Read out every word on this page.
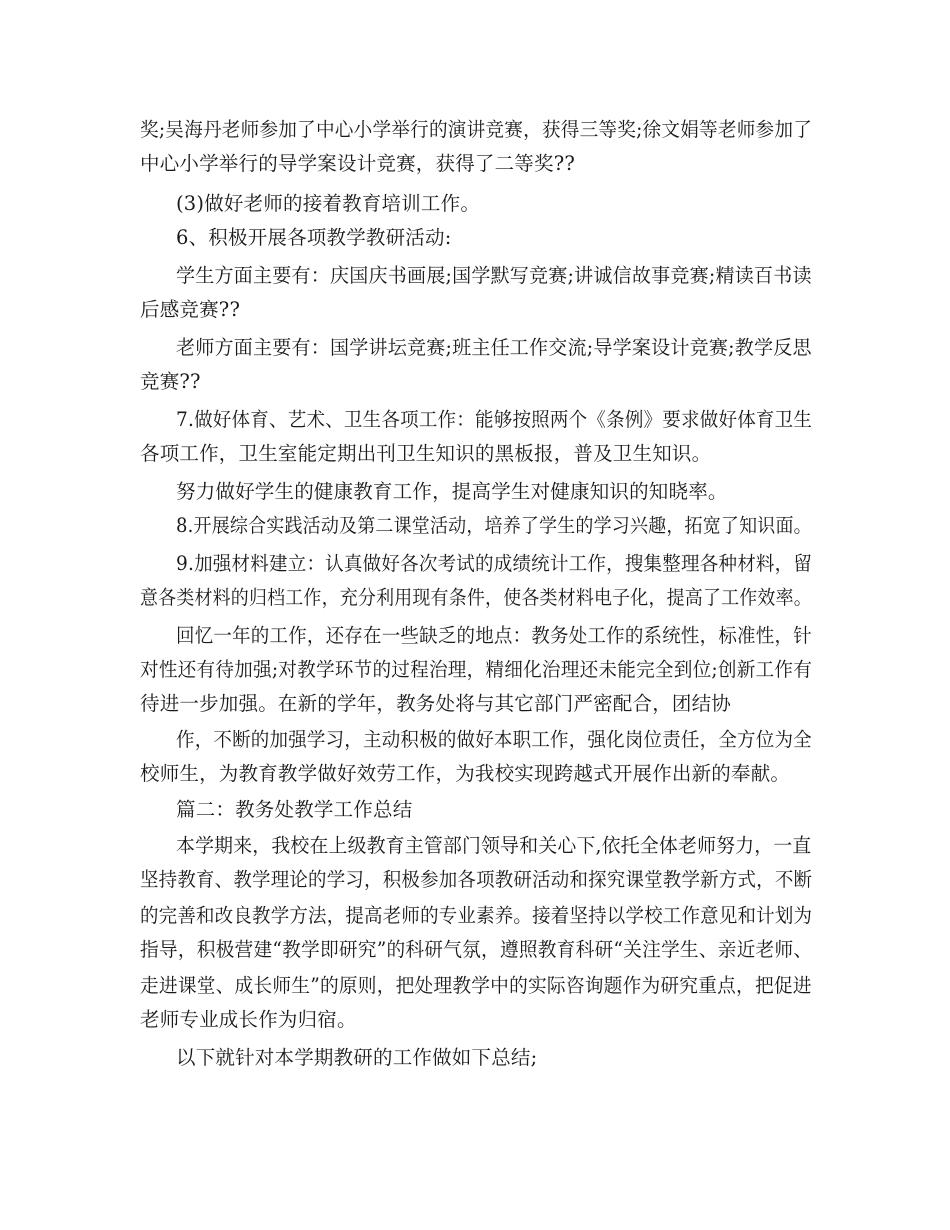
奖;吴海丹老师参加了中心小学举行的演讲竞赛，获得三等奖;徐文娟等老师参加了
中心小学举行的导学案设计竞赛，获得了二等奖??
(3)做好老师的接着教育培训工作。
6、积极开展各项教学教研活动:
学生方面主要有：庆国庆书画展;国学默写竞赛;讲诚信故事竞赛;精读百书读
后感竞赛??
老师方面主要有：国学讲坛竞赛;班主任工作交流;导学案设计竞赛;教学反思
竞赛??
7.做好体育、艺术、卫生各项工作：能够按照两个《条例》要求做好体育卫生
各项工作，卫生室能定期出刊卫生知识的黑板报，普及卫生知识。
努力做好学生的健康教育工作，提高学生对健康知识的知晓率。
8.开展综合实践活动及第二课堂活动，培养了学生的学习兴趣，拓宽了知识面。
9.加强材料建立：认真做好各次考试的成绩统计工作，搜集整理各种材料，留
意各类材料的归档工作，充分利用现有条件，使各类材料电子化，提高了工作效率。
回忆一年的工作，还存在一些缺乏的地点：教务处工作的系统性，标准性，针
对性还有待加强;对教学环节的过程治理，精细化治理还未能完全到位;创新工作有
待进一步加强。在新的学年，教务处将与其它部门严密配合，团结协
作，不断的加强学习，主动积极的做好本职工作，强化岗位责任，全方位为全
校师生，为教育教学做好效劳工作，为我校实现跨越式开展作出新的奉献。
篇二：教务处教学工作总结
本学期来，我校在上级教育主管部门领导和关心下,依托全体老师努力，一直
坚持教育、教学理论的学习，积极参加各项教研活动和探究课堂教学新方式，不断
的完善和改良教学方法，提高老师的专业素养。接着坚持以学校工作意见和计划为
指导，积极营建“教学即研究”的科研气氛，遵照教育科研“关注学生、亲近老师、
走进课堂、成长师生”的原则，把处理教学中的实际咨询题作为研究重点，把促进
老师专业成长作为归宿。
以下就针对本学期教研的工作做如下总结;
